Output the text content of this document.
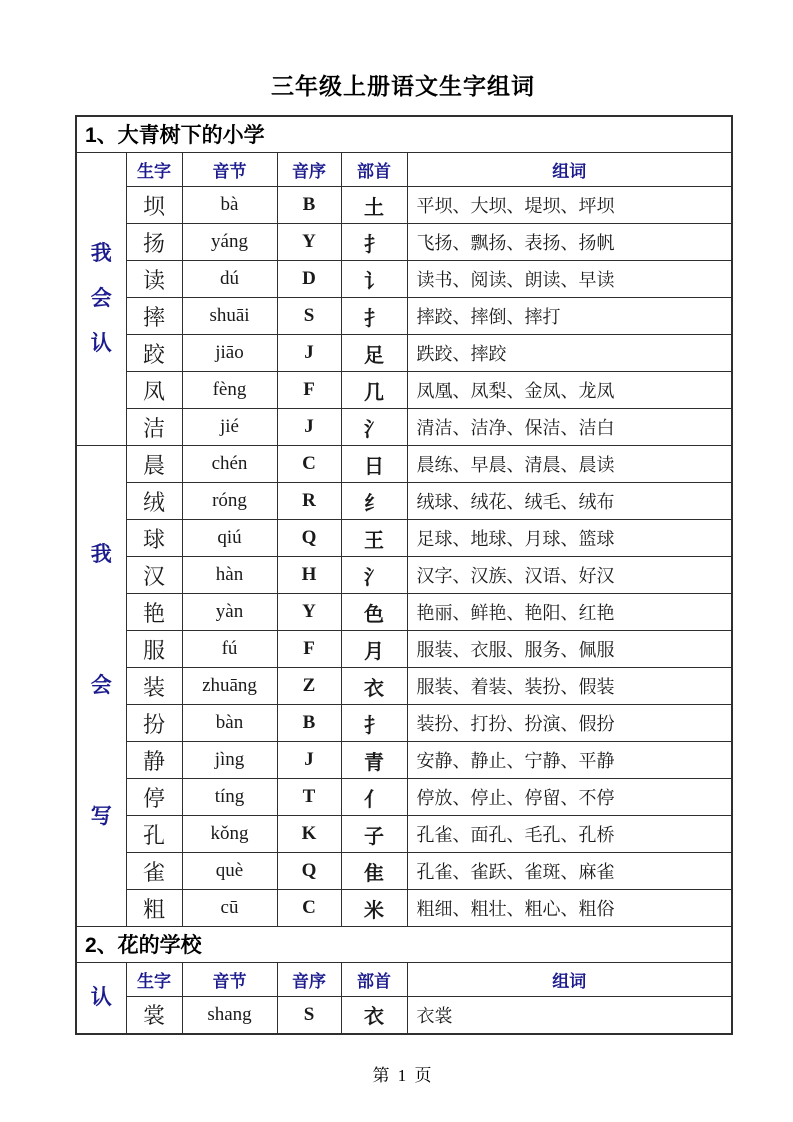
三年级上册语文生字组词
1、大青树下的小学					

我
会
认	生字	音节	音序	部首	组词
	坝	bà	B	土	平坝、大坝、堤坝、坪坝
	扬	yáng	Y	扌	飞扬、飘扬、表扬、扬帆
	读	dú	D	讠	读书、阅读、朗读、早读
	摔	shuāi	S	扌	摔跤、摔倒、摔打
	跤	jiāo	J	足	跌跤、摔跤
	凤	fèng	F	几	凤凰、凤梨、金凤、龙凤
	洁	jié	J	氵	清洁、洁净、保洁、洁白

我
会
写	晨	chén	C	日	晨练、早晨、清晨、晨读
	绒	róng	R	纟	绒球、绒花、绒毛、绒布
	球	qiú	Q	王	足球、地球、月球、篮球
	汉	hàn	H	氵	汉字、汉族、汉语、好汉
	艳	yàn	Y	色	艳丽、鲜艳、艳阳、红艳
	服	fú	F	月	服装、衣服、服务、佩服
	装	zhuāng	Z	衣	服装、着装、装扮、假装
	扮	bàn	B	扌	装扮、打扮、扮演、假扮
	静	jìng	J	青	安静、静止、宁静、平静
	停	tíng	T	亻	停放、停止、停留、不停
	孔	kǒng	K	子	孔雀、面孔、毛孔、孔桥
	雀	què	Q	隹	孔雀、雀跃、雀斑、麻雀
	粗	cū	C	米	粗细、粗壮、粗心、粗俗
2、花的学校					

认	生字	音节	音序	部首	组词
	裳	shang	S	衣	衣裳
第 1 页
